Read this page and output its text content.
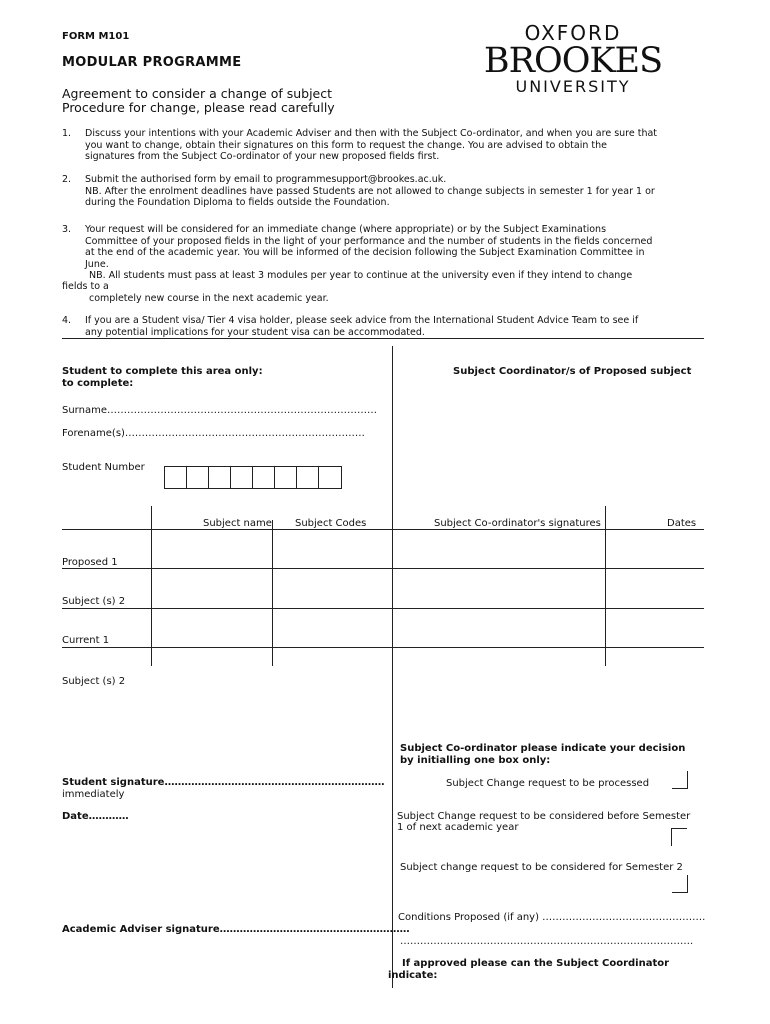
FORM M101
MODULAR PROGRAMME
Agreement to consider a change of subject
Procedure for change, please read carefully
OXFORD
BROOKES
UNIVERSITY
1. Discuss your intentions with your Academic Adviser and then with the Subject Co-ordinator, and when you are sure that
you want to change, obtain their signatures on this form to request the change. You are advised to obtain the
signatures from the Subject Co-ordinator of your new proposed fields first.
2. Submit the authorised form by email to programmesupport@brookes.ac.uk.
NB. After the enrolment deadlines have passed Students are not allowed to change subjects in semester 1 for year 1 or
during the Foundation Diploma to fields outside the Foundation.
3. Your request will be considered for an immediate change (where appropriate) or by the Subject Examinations
Committee of your proposed fields in the light of your performance and the number of students in the fields concerned
at the end of the academic year. You will be informed of the decision following the Subject Examination Committee in
June.
NB. All students must pass at least 3 modules per year to continue at the university even if they intend to change
fields to a
completely new course in the next academic year.
4. If you are a Student visa/ Tier 4 visa holder, please seek advice from the International Student Advice Team to see if
any potential implications for your student visa can be accommodated.
Student to complete this area only:
to complete:
Subject Coordinator/s of Proposed subject
Surname………………………………………………………………………
Forename(s)………………………………………………………………
Student Number
Subject name Subject Codes	Subject Co-ordinator's signatures	Dates
Proposed 1
Subject (s) 2
Current 1
Subject (s) 2
Student signature…………………………………………………………
immediately
Date…………
Academic Adviser signature…………………………………………………
Subject Co-ordinator please indicate your decision
by initialling one box only:
Subject Change request to be processed
Subject Change request to be considered before Semester
1 of next academic year
Subject change request to be considered for Semester 2
Conditions Proposed (if any) ………………………………………….
…………………………………………………………………………….
If approved please can the Subject Coordinator
indicate:
